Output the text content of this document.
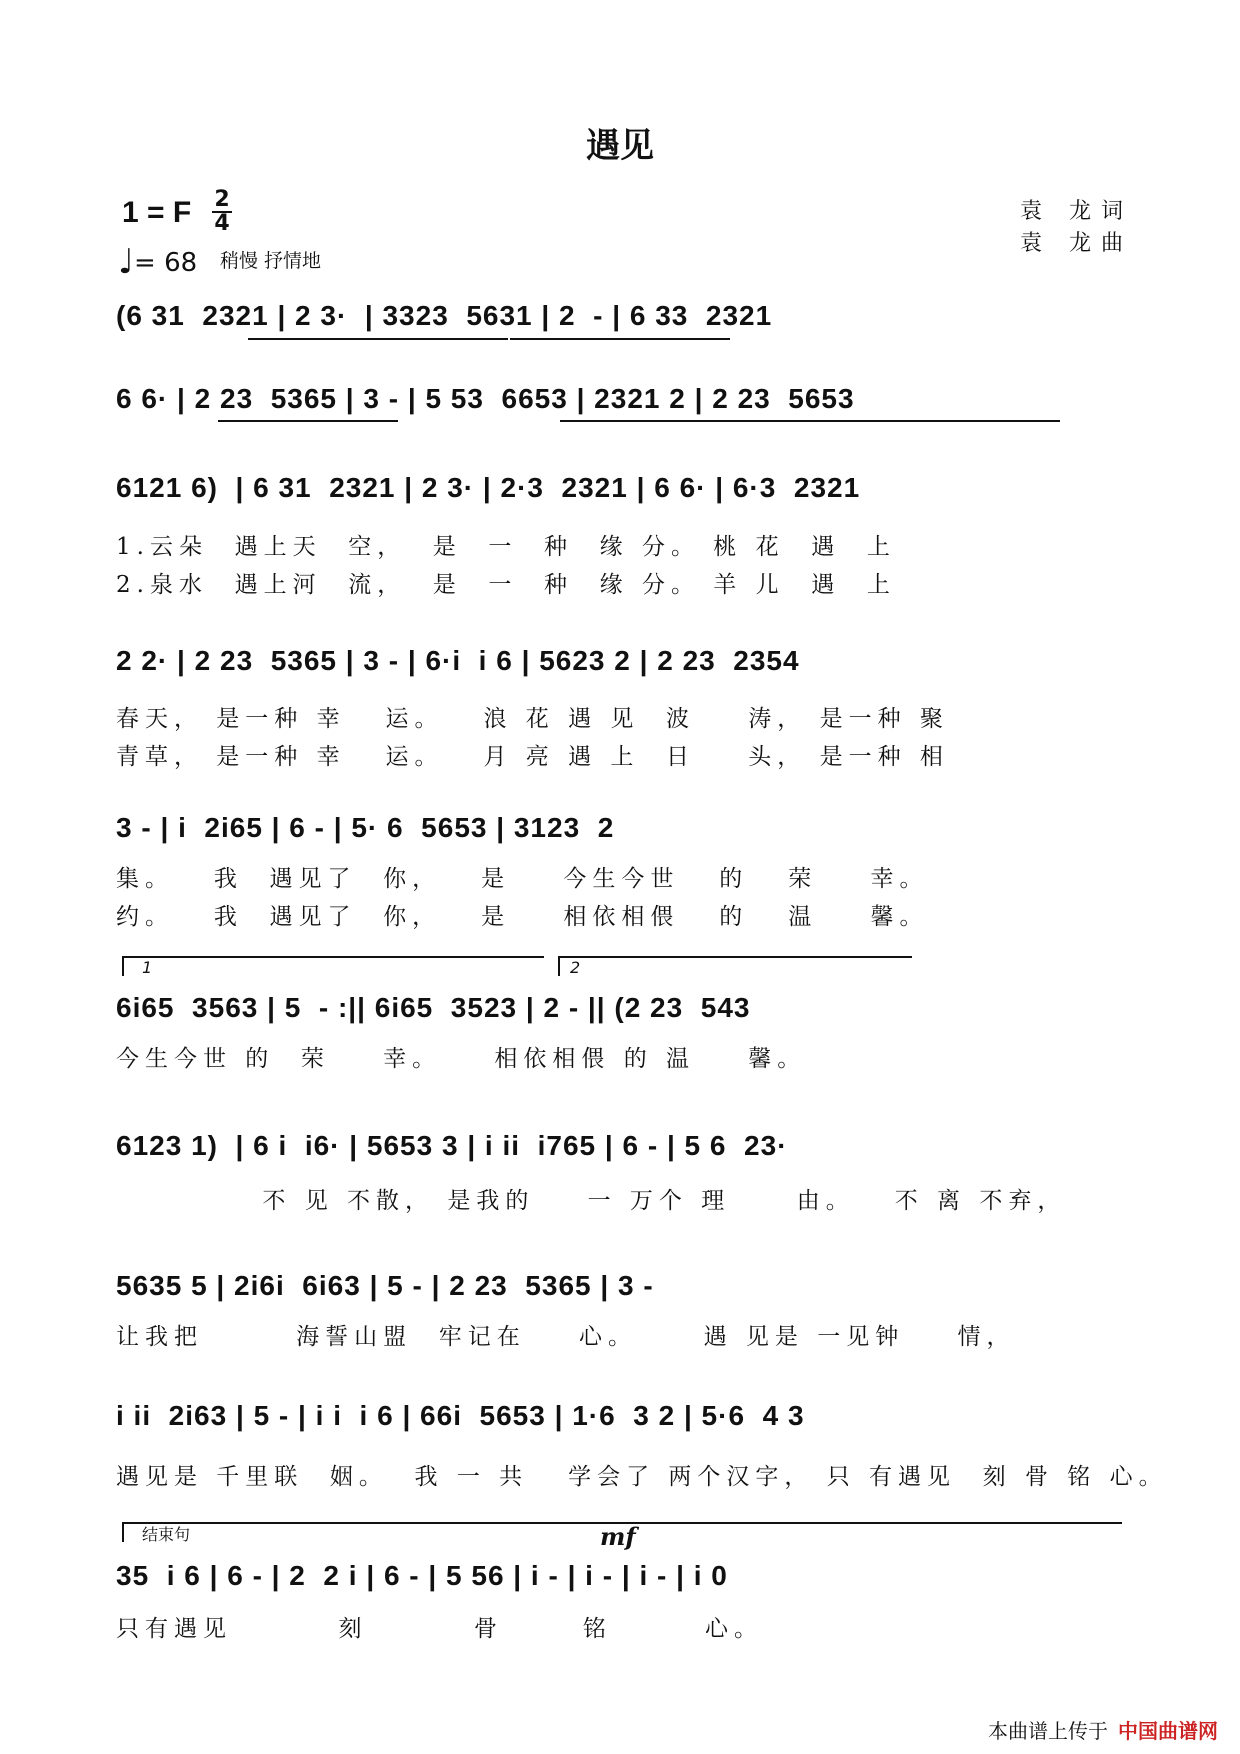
遇见
1 = F 2
4
♩= 68 稍慢 抒情地
袁 龙词
袁 龙曲
(6 31  2321 | 2 3·  | 3323  5631 | 2  - | 6 33  2321
6 6· | 2 23  5365 | 3 - | 5 53  6653 | 2321 2 | 2 23  5653
6121 6)  | 6 31  2321 | 2 3· | 2·3  2321 | 6 6· | 6·3  2321
1.云朵  遇上天  空，  是  一  种  缘 分。 桃 花  遇  上
2.泉水  遇上河  流，  是  一  种  缘 分。 羊 儿  遇  上
2 2· | 2 23  5365 | 3 - | 6·i  i 6 | 5623 2 | 2 23  2354
春天， 是一种 幸   运。   浪 花 遇 见  波    涛， 是一种 聚
青草， 是一种 幸   运。   月 亮 遇 上  日    头， 是一种 相
3 - | i  2i65 | 6 - | 5· 6  5653 | 3123  2
集。   我  遇见了  你，   是    今生今世   的   荣    幸。
约。   我  遇见了  你，   是    相依相偎   的   温    馨。
1	2
6i65  3563 | 5  - :|| 6i65  3523 | 2 - || (2 23  543
今生今世 的  荣    幸。    相依相偎 的 温    馨。
6123 1)  | 6 i  i6· | 5653 3 | i ii  i765 | 6 - | 5 6  23·
不 见 不散， 是我的    一 万个 理     由。   不 离 不弃，
5635 5 | 2i6i  6i63 | 5 - | 2 23  5365 | 3 -
让我把       海誓山盟  牢记在    心。     遇 见是 一见钟    情，
i ii  2i63 | 5 - | i i  i 6 | 66i  5653 | 1·6  3 2 | 5·6  4 3
遇见是 千里联  姻。  我 一 共   学会了 两个汉字， 只 有遇见  刻 骨 铭 心。
结束句	mf
35  i 6 | 6 - | 2  2 i | 6 - | 5 56 | i - | i - | i - | i 0
只有遇见        刻        骨      铭       心。
本曲谱上传于 中国曲谱网
